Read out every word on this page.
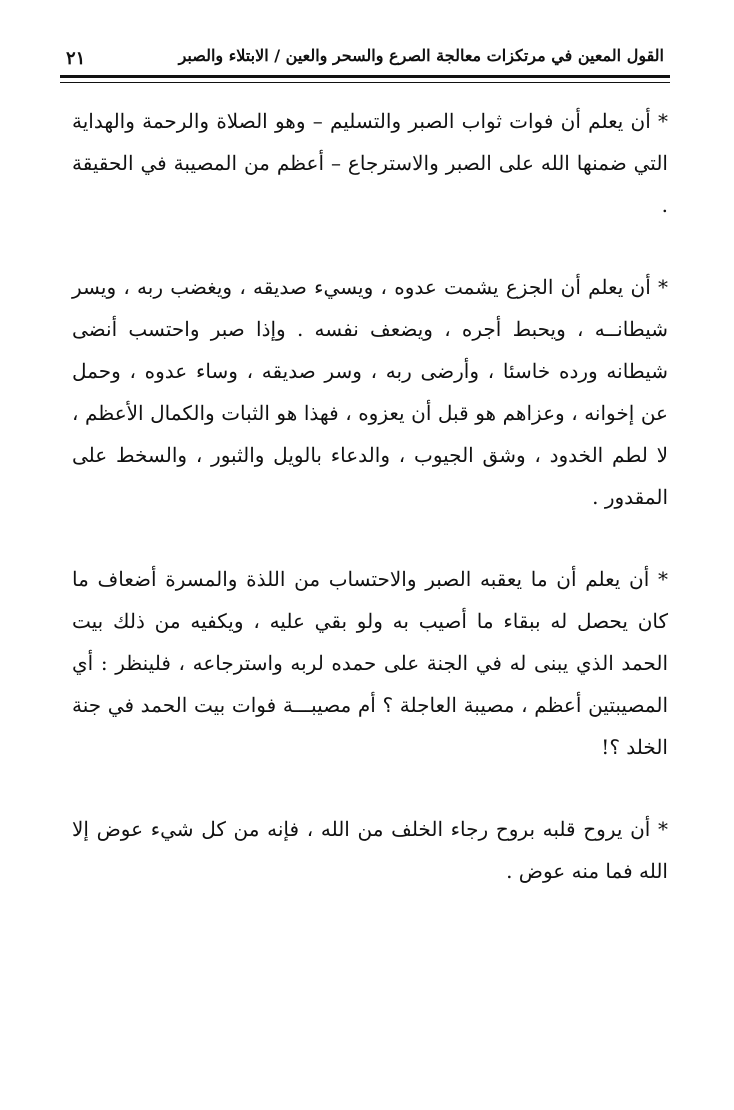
٢١	القول المعين في مرتكزات معالجة الصرع والسحر والعين / الابتلاء والصبر

* أن يعلم أن فوات ثواب الصبر والتسليم – وهو الصلاة والرحمة والهداية التي ضمنها الله على الصبر والاسترجاع – أعظم من المصيبة في الحقيقة .

* أن يعلم أن الجزع يشمت عدوه ، ويسيء صديقه ، ويغضب ربه ، ويسر شيطانــه ، ويحبط أجره ، ويضعف نفسه . وإذا صبر واحتسب أنضى شيطانه ورده خاسئا ، وأرضى ربه ، وسر صديقه ، وساء عدوه ، وحمل عن إخوانه ، وعزاهم هو قبل أن يعزوه ، فهذا هو الثبات والكمال الأعظم ، لا لطم الخدود ، وشق الجيوب ، والدعاء بالويل والثبور ، والسخط على المقدور .

* أن يعلم أن ما يعقبه الصبر والاحتساب من اللذة والمسرة أضعاف ما كان يحصل له ببقاء ما أصيب به ولو بقي عليه ، ويكفيه من ذلك بيت الحمد الذي يبنى له في الجنة على حمده لربه واسترجاعه ، فلينظر : أي المصيبتين أعظم ، مصيبة العاجلة ؟ أم مصيبـــة فوات بيت الحمد في جنة الخلد ؟!

* أن يروح قلبه بروح رجاء الخلف من الله ، فإنه من كل شيء عوض إلا الله فما منه عوض .
